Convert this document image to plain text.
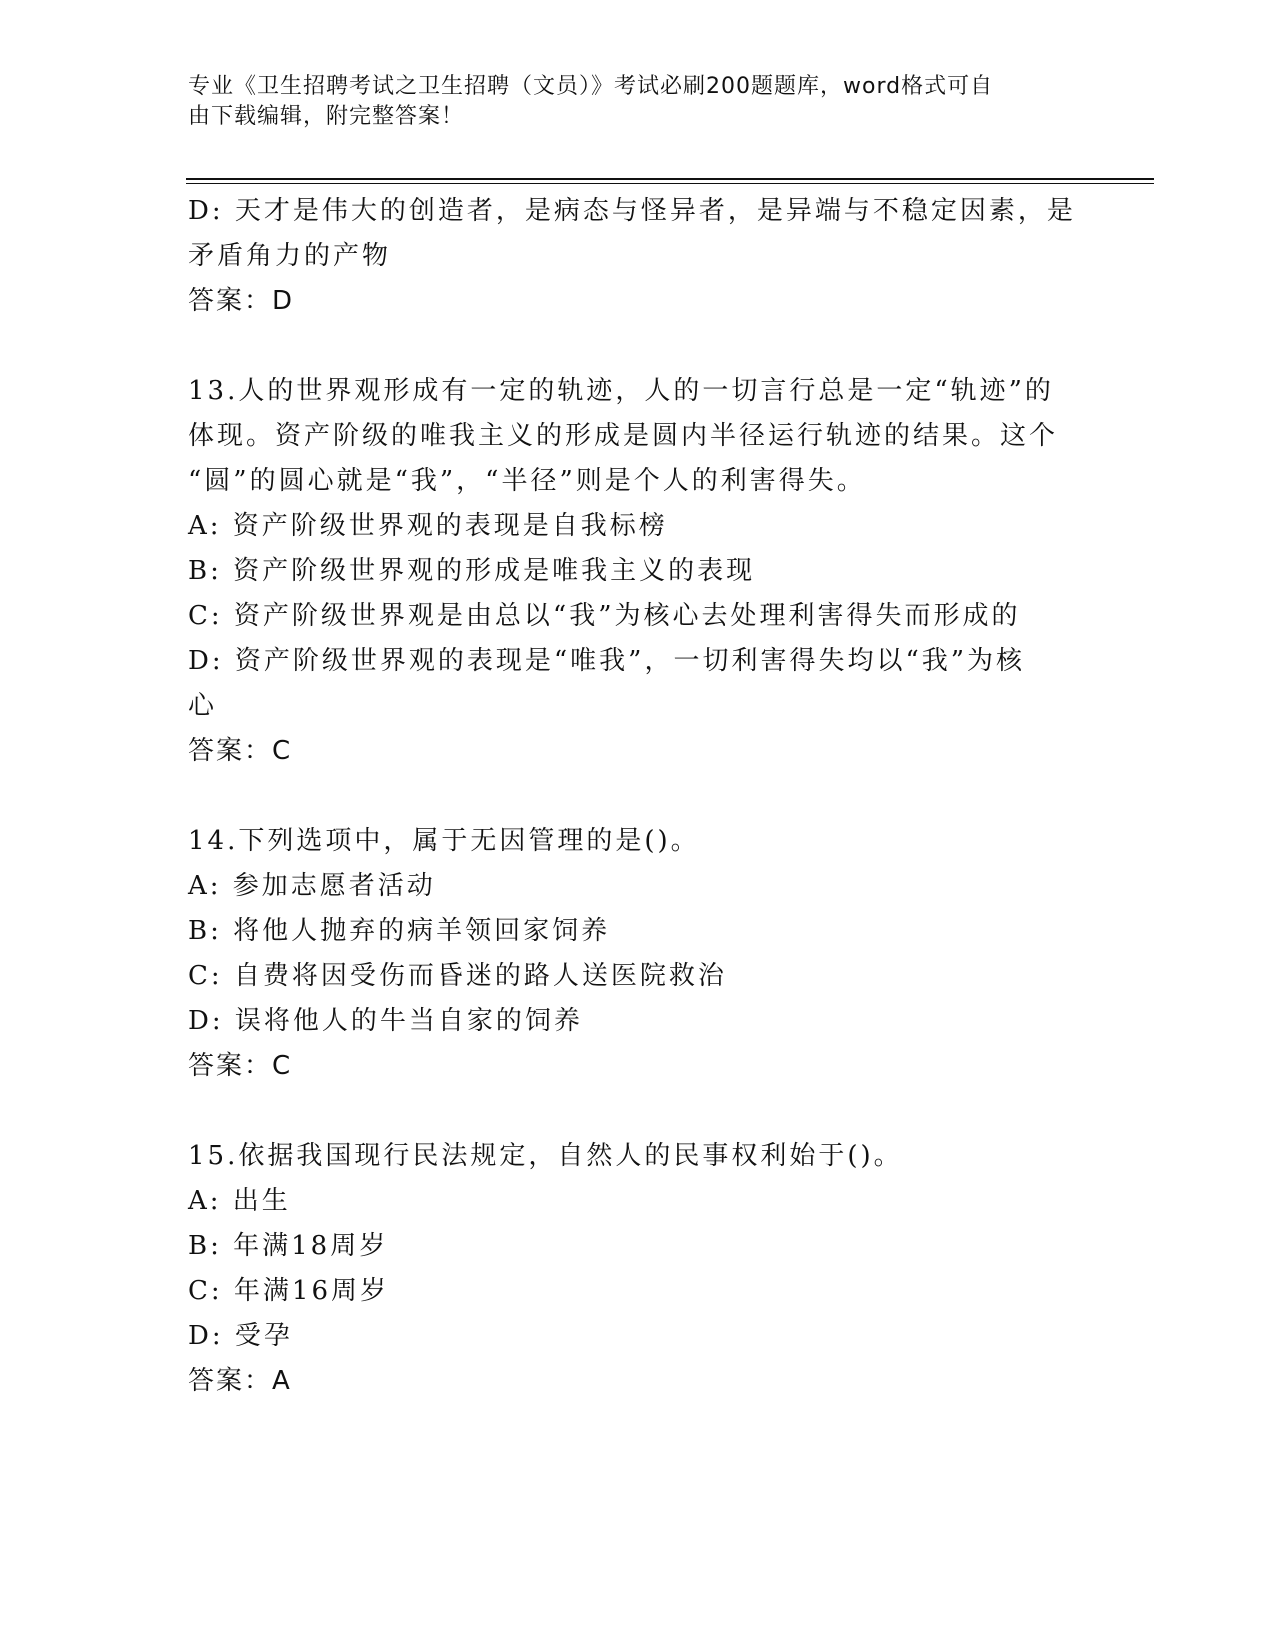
专业《卫生招聘考试之卫生招聘（文员）》考试必刷200题题库，word格式可自
由下载编辑，附完整答案！

D: 天才是伟大的创造者，是病态与怪异者，是异端与不稳定因素，是

矛盾角力的产物

答案：D

13.人的世界观形成有一定的轨迹，人的一切言行总是一定“轨迹”的

体现。资产阶级的唯我主义的形成是圆内半径运行轨迹的结果。这个

“圆”的圆心就是“我”，“半径”则是个人的利害得失。

A: 资产阶级世界观的表现是自我标榜

B: 资产阶级世界观的形成是唯我主义的表现

C: 资产阶级世界观是由总以“我”为核心去处理利害得失而形成的

D: 资产阶级世界观的表现是“唯我”，一切利害得失均以“我”为核

心

答案：C

14.下列选项中，属于无因管理的是()。

A: 参加志愿者活动

B: 将他人抛弃的病羊领回家饲养

C: 自费将因受伤而昏迷的路人送医院救治

D: 误将他人的牛当自家的饲养

答案：C

15.依据我国现行民法规定，自然人的民事权利始于()。

A: 出生

B: 年满18周岁

C: 年满16周岁

D: 受孕

答案：A
